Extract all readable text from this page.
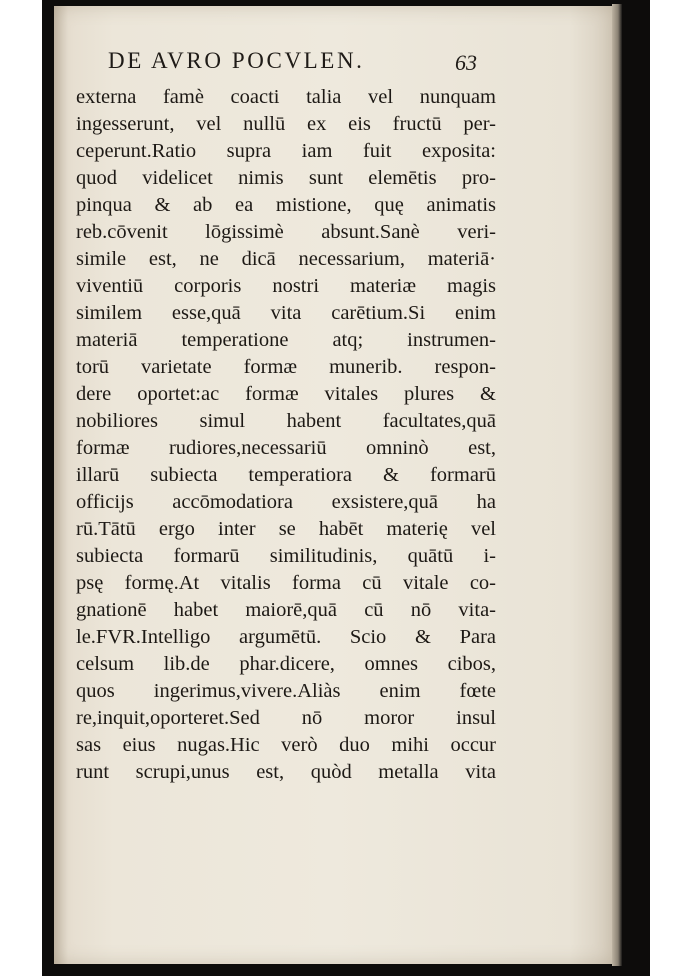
DE AVRO POCVLEN.	63
externa famè coacti talia vel nunquam
ingesserunt, vel nullū ex eis fructū per-
ceperunt.Ratio supra iam fuit exposita:
quod videlicet nimis sunt elemētis pro-
pinqua & ab ea mistione, quę animatis
reb.cōvenit lōgissimè absunt.Sanè veri-
simile est, ne dicā necessarium, materiā·
viventiū corporis nostri materiæ magis
similem esse,quā vita carētium.Si enim
materiā temperatione atq; instrumen-
torū varietate formæ munerib. respon-
dere oportet:ac formæ vitales plures &
nobiliores simul habent facultates,quā
formæ rudiores,necessariū omninò est,
illarū subiecta temperatiora & formarū
officijs accōmodatiora exsistere,quā ha
rū.Tātū ergo inter se habēt materię vel
subiecta formarū similitudinis, quātū i-
psę formę.At vitalis forma cū vitale co-
gnationē habet maiorē,quā cū nō vita-
le.FVR.Intelligo argumētū. Scio & Para
celsum lib.de phar.dicere, omnes cibos,
quos ingerimus,vivere.Aliàs enim fœte
re,inquit,oporteret.Sed nō moror insul
sas eius nugas.Hic verò duo mihi occur
runt scrupi,unus est, quòd metalla vita
